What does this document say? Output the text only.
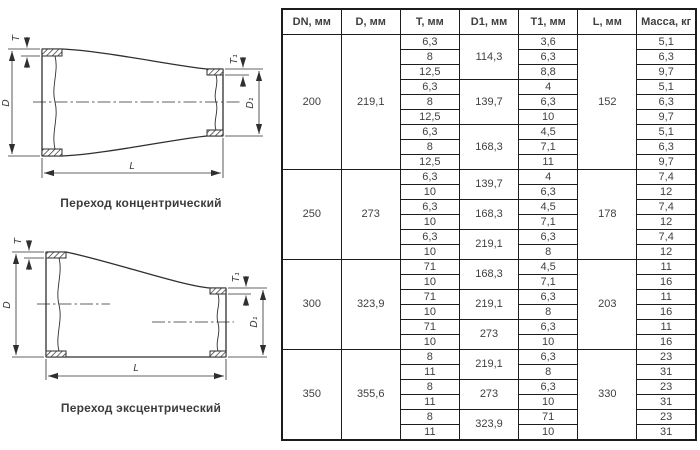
T
D
T₁
D₁
L
T
D
T₁
D₁
L
Переход концентрический
Переход эксцентрический
DN, мм	D, мм	T, мм	D1, мм	T1, мм	L, мм	Масса, кг
200	219,1	6,3	114,3	3,6	152	5,1
		8		6,3		6,3
		12,5		8,8		9,7
		6,3	139,7	4		5,1
		8		6,3		6,3
		12,5		10		9,7
		6,3	168,3	4,5		5,1
		8		7,1		6,3
		12,5		11		9,7
250	273	6,3	139,7	4	178	7,4
		10		6,3		12
		6,3	168,3	4,5		7,4
		10		7,1		12
		6,3	219,1	6,3		7,4
		10		8		12
300	323,9	71	168,3	4,5	203	11
		10		7,1		16
		71	219,1	6,3		11
		10		8		16
		71	273	6,3		11
		10		10		16
350	355,6	8	219,1	6,3	330	23
		11		8		31
		8	273	6,3		23
		11		10		31
		8	323,9	71		23
		11		10		31
